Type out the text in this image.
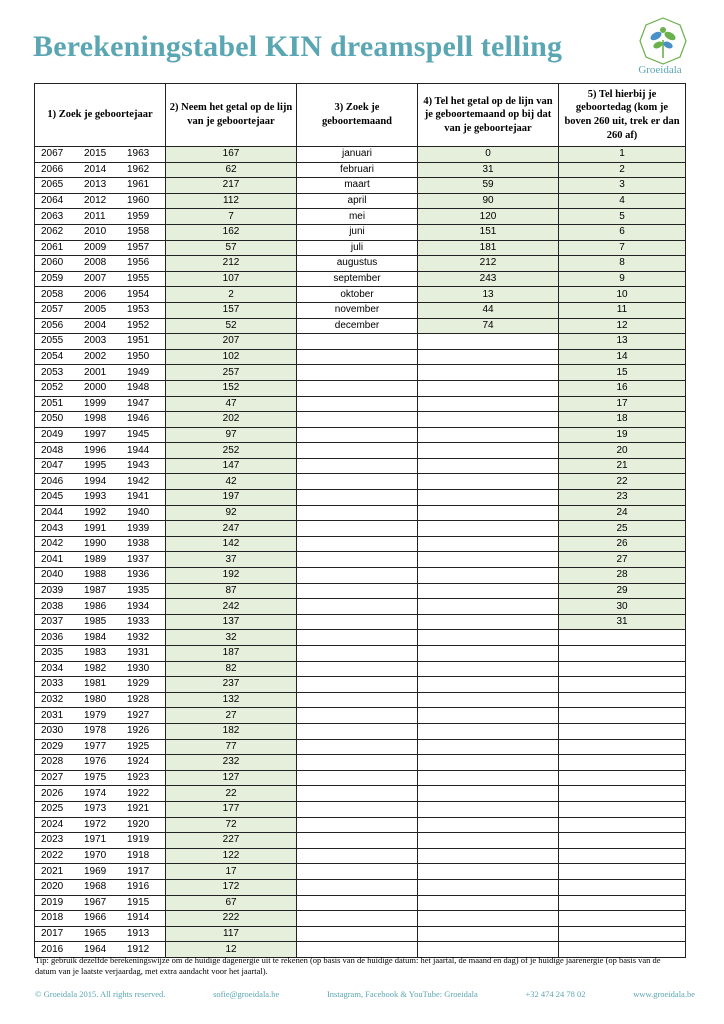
Berekeningstabel KIN dreamspell telling
Groeidala
1) Zoek je geboortejaar	2) Neem het getal op de lijn van je geboortejaar	3) Zoek je geboortemaand	4) Tel het getal op de lijn van je geboortemaand op bij dat van je geboortejaar	5) Tel hierbij je geboortedag (kom je boven 260 uit, trek er dan 260 af)
2067 2015 1963	167	januari	0	1
2066 2014 1962	62	februari	31	2
2065 2013 1961	217	maart	59	3
2064 2012 1960	112	april	90	4
2063 2011 1959	7	mei	120	5
2062 2010 1958	162	juni	151	6
2061 2009 1957	57	juli	181	7
2060 2008 1956	212	augustus	212	8
2059 2007 1955	107	september	243	9
2058 2006 1954	2	oktober	13	10
2057 2005 1953	157	november	44	11
2056 2004 1952	52	december	74	12
2055 2003 1951	207			13
2054 2002 1950	102			14
2053 2001 1949	257			15
2052 2000 1948	152			16
2051 1999 1947	47			17
2050 1998 1946	202			18
2049 1997 1945	97			19
2048 1996 1944	252			20
2047 1995 1943	147			21
2046 1994 1942	42			22
2045 1993 1941	197			23
2044 1992 1940	92			24
2043 1991 1939	247			25
2042 1990 1938	142			26
2041 1989 1937	37			27
2040 1988 1936	192			28
2039 1987 1935	87			29
2038 1986 1934	242			30
2037 1985 1933	137			31
2036 1984 1932	32			
2035 1983 1931	187			
2034 1982 1930	82			
2033 1981 1929	237			
2032 1980 1928	132			
2031 1979 1927	27			
2030 1978 1926	182			
2029 1977 1925	77			
2028 1976 1924	232			
2027 1975 1923	127			
2026 1974 1922	22			
2025 1973 1921	177			
2024 1972 1920	72			
2023 1971 1919	227			
2022 1970 1918	122			
2021 1969 1917	17			
2020 1968 1916	172			
2019 1967 1915	67			
2018 1966 1914	222			
2017 1965 1913	117			
2016 1964 1912	12			
Tip: gebruik dezelfde berekeningswijze om de huidige dagenergie uit te rekenen (op basis van de huidige datum: het jaartal, de maand en dag) of je huidige jaarenergie (op basis van de datum van je laatste verjaardag, met extra aandacht voor het jaartal).
© Groeidala 2015. All rights reserved.	sofie@groeidala.be	Instagram, Facebook & YouTube: Groeidala	+32 474 24 78 02	www.groeidala.be
